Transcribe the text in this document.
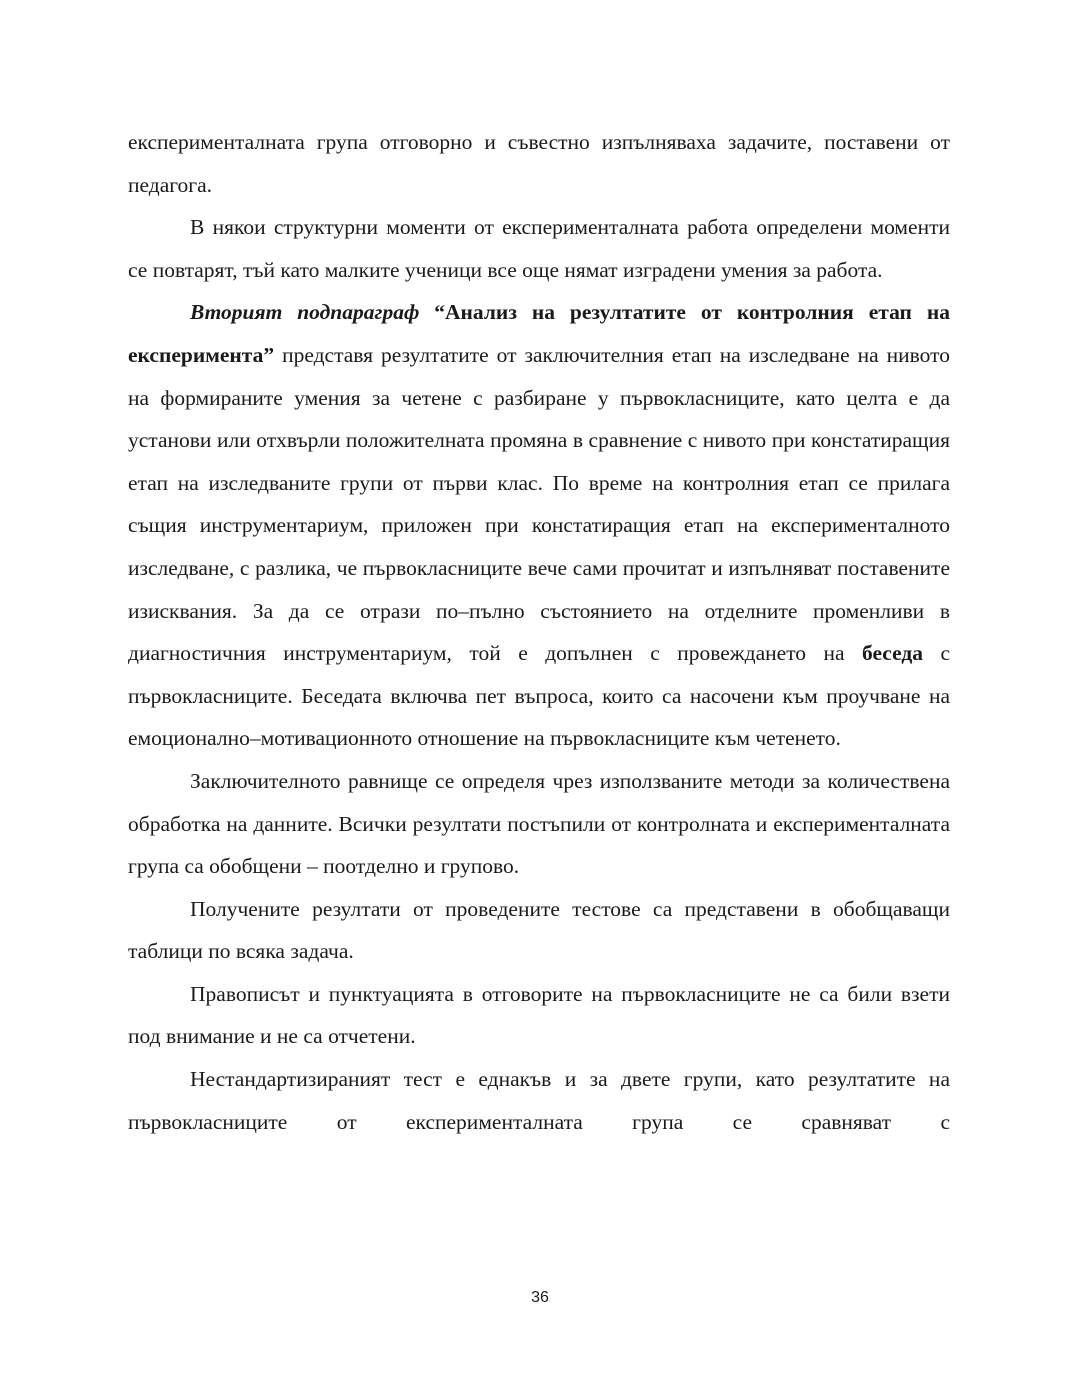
експерименталната група отговорно и съвестно изпълняваха задачите, поставени от педагога.

В някои структурни моменти от експерименталната работа определени моменти се повтарят, тъй като малките ученици все още нямат изградени умения за работа.

Вторият подпараграф “Анализ на резултатите от контролния етап на експеримента” представя резултатите от заключителния етап на изследване на нивото на формираните умения за четене с разбиране у първокласниците, като целта е да установи или отхвърли положителната промяна в сравнение с нивото при констатиращия етап на изследваните групи от първи клас. По време на контролния етап се прилага същия инструментариум, приложен при констатиращия етап на експерименталното изследване, с разлика, че първокласниците вече сами прочитат и изпълняват поставените изисквания. За да се отрази по–пълно състоянието на отделните променливи в диагностичния инструментариум, той е допълнен с провеждането на беседа с първокласниците. Беседата включва пет въпроса, които са насочени към проучване на емоционално–мотивационното отношение на първокласниците към четенето.

Заключителното равнище се определя чрез използваните методи за количествена обработка на данните. Всички резултати постъпили от контролната и експерименталната група са обобщени – поотделно и групово.

Получените резултати от проведените тестове са представени в обобщаващи таблици по всяка задача.

Правописът и пунктуацията в отговорите на първокласниците не са били взети под внимание и не са отчетени.

Нестандартизираният тест е еднакъв и за двете групи, като резултатите на първокласниците от експерименталната група се сравняват с

36
